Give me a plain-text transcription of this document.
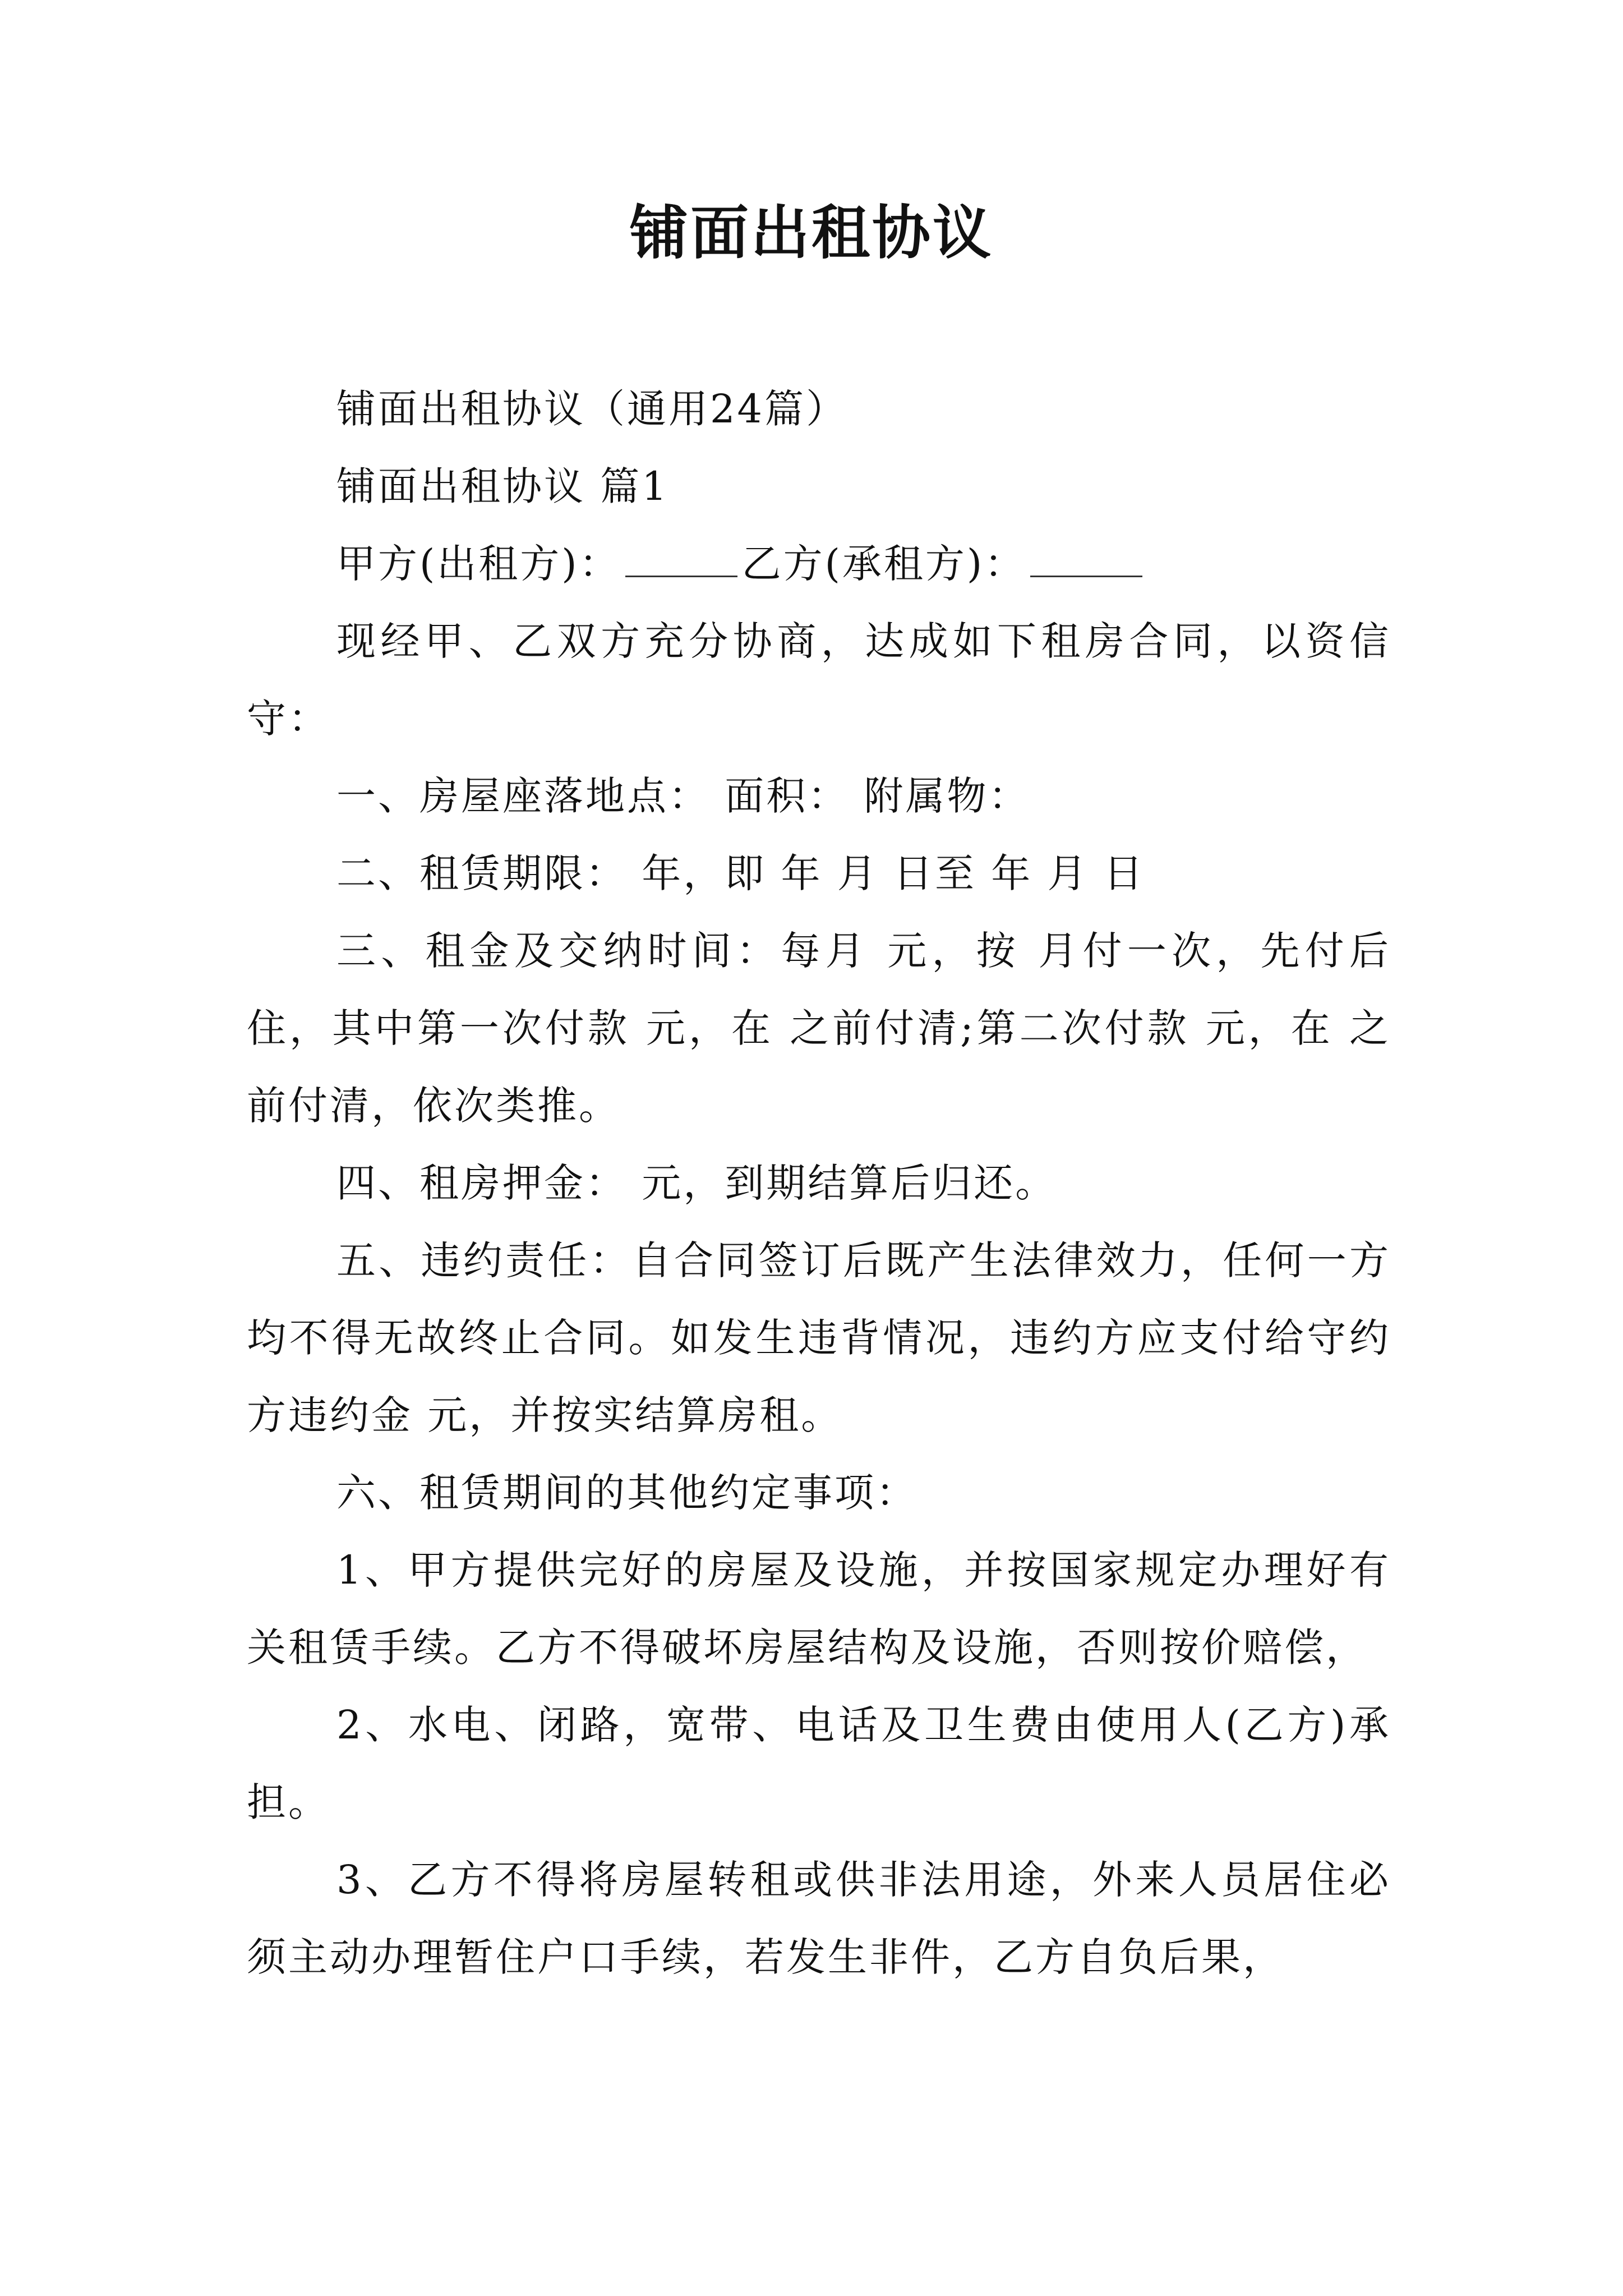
铺面出租协议

铺面出租协议（通用24篇）

铺面出租协议 篇1

甲方(出租方)：	乙方(承租方)：

现经甲、乙双方充分协商，达成如下租房合同，以资信守：

一、房屋座落地点： 面积： 附属物：

二、租赁期限： 年，即 年 月 日至 年 月 日

三、租金及交纳时间：每月 元，按 月付一次，先付后住，其中第一次付款 元，在 之前付清;第二次付款 元，在 之前付清，依次类推。

四、租房押金： 元，到期结算后归还。

五、违约责任：自合同签订后既产生法律效力，任何一方均不得无故终止合同。如发生违背情况，违约方应支付给守约方违约金 元，并按实结算房租。

六、租赁期间的其他约定事项：

1、甲方提供完好的房屋及设施，并按国家规定办理好有关租赁手续。乙方不得破坏房屋结构及设施，否则按价赔偿，

2、水电、闭路，宽带、电话及卫生费由使用人(乙方)承担。

3、乙方不得将房屋转租或供非法用途，外来人员居住必须主动办理暂住户口手续，若发生非件，乙方自负后果，
